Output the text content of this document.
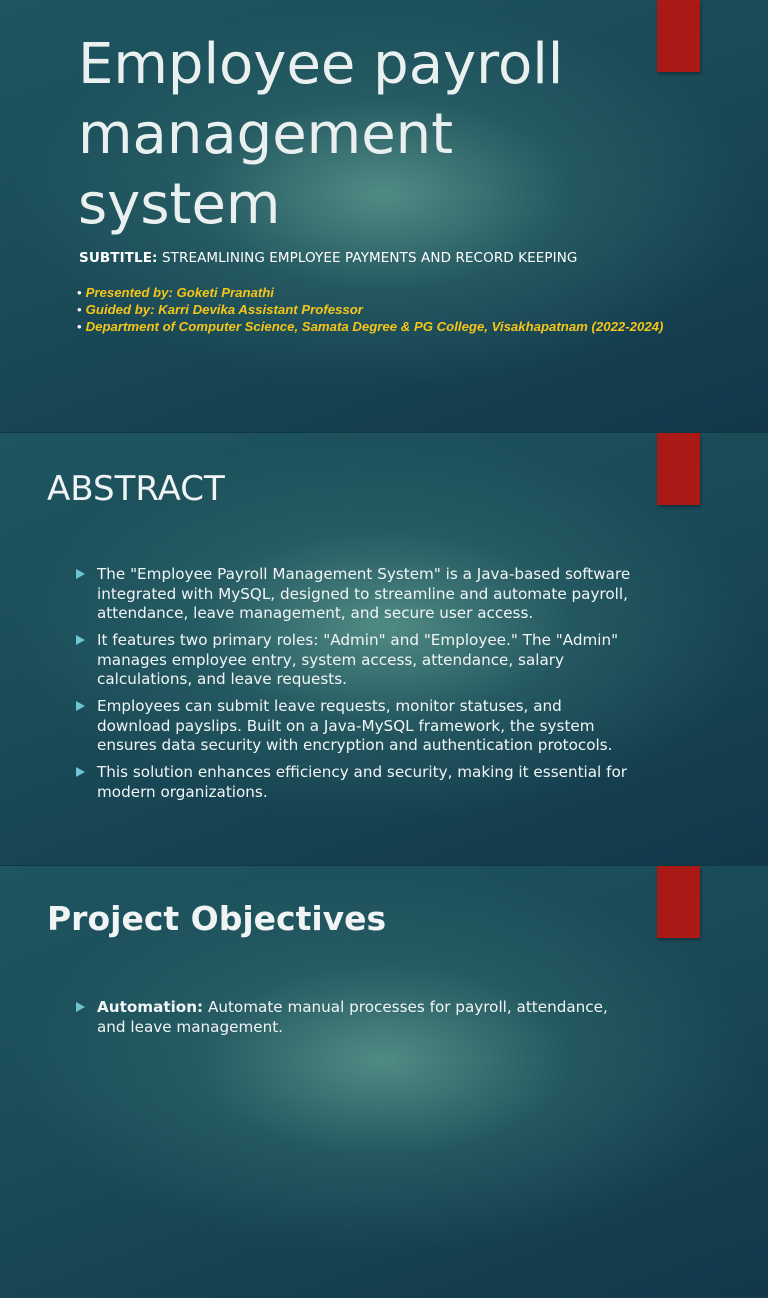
Employee payroll management system

SUBTITLE: STREAMLINING EMPLOYEE PAYMENTS AND RECORD KEEPING

• Presented by: Goketi Pranathi
• Guided by: Karri Devika Assistant Professor
• Department of Computer Science, Samata Degree & PG College, Visakhapatnam (2022-2024)
ABSTRACT
The "Employee Payroll Management System" is a Java-based software integrated with MySQL, designed to streamline and automate payroll, attendance, leave management, and secure user access.
It features two primary roles: "Admin" and "Employee." The "Admin" manages employee entry, system access, attendance, salary calculations, and leave requests.
Employees can submit leave requests, monitor statuses, and download payslips. Built on a Java-MySQL framework, the system ensures data security with encryption and authentication protocols.
This solution enhances efficiency and security, making it essential for modern organizations.
Project Objectives
Automation: Automate manual processes for payroll, attendance, and leave management.
